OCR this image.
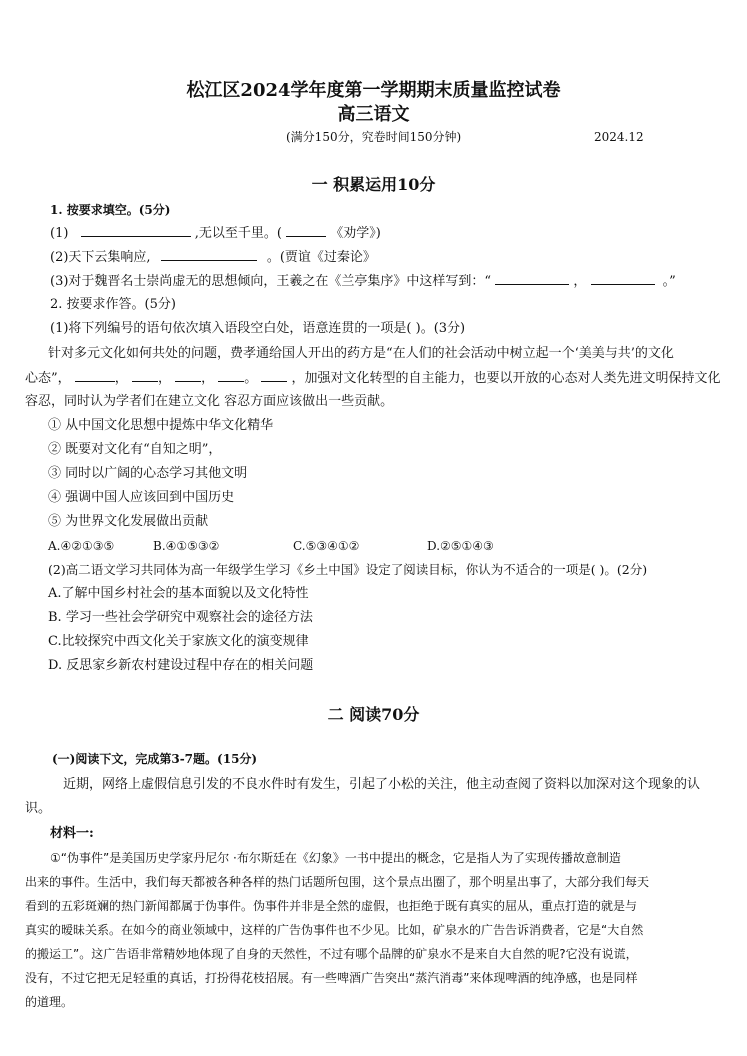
松江区2024学年度第一学期期末质量监控试卷
高三语文
(满分150分，究卷时间150分钟)	2024.12
一 积累运用10分
1. 按要求填空。(5分)
(1)	,无以至千里。(	《劝学》)
(2)天下云集响应,	。(贾谊《过秦论》
(3)对于魏晋名士崇尚虚无的思想倾向，王羲之在《兰亭集序》中这样写到：“	，	。”
2. 按要求作答。(5分)
(1)将下列编号的语句依次填入语段空白处，语意连贯的一项是( )。(3分)
针对多元文化如何共处的问题，费孝通给国人开出的药方是“在人们的社会活动中树立起一个‘美美与共’的文化
心态”，	， ， ， 。  ，加强对文化转型的自主能力，也要以开放的心态对人类先进文明保持文化
容忍，同时认为学者们在建立文化 容忍方面应该做出一些贡献。
① 从中国文化思想中提炼中华文化精华
② 既要对文化有“自知之明”，
③ 同时以广阔的心态学习其他文明
④ 强调中国人应该回到中国历史
⑤ 为世界文化发展做出贡献
A.④②①③⑤	B.④①⑤③②	C.⑤③④①②	D.②⑤①④③
(2)高二语文学习共同体为高一年级学生学习《乡土中国》设定了阅读目标，你认为不适合的一项是( )。(2分)
A.了解中国乡村社会的基本面貌以及文化特性
B. 学习一些社会学研究中观察社会的途径方法
C.比较探究中西文化关于家族文化的演变规律
D. 反思家乡新农村建设过程中存在的相关问题
二 阅读70分
(一)阅读下文，完成第3-7题。(15分)
近期，网络上虚假信息引发的不良水件时有发生，引起了小松的关注，他主动查阅了资料以加深对这个现象的认
识。
材料一:
①“伪事件”是美国历史学家丹尼尔 ·布尔斯廷在《幻象》一书中提出的概念，它是指人为了实现传播故意制造
出来的事件。生活中，我们每天都被各种各样的热门话题所包围，这个景点出圈了，那个明星出事了，大部分我们每天
看到的五彩斑斓的热门新闻都属于伪事件。伪事件并非是全然的虚假，也拒绝于既有真实的屈从，重点打造的就是与
真实的暧昧关系。在如今的商业领域中，这样的广告伪事件也不少见。比如，矿泉水的广告告诉消费者，它是“大自然
的搬运工”。这广告语非常精妙地体现了自身的天然性，不过有哪个品牌的矿泉水不是来自大自然的呢?它没有说谎，
没有，不过它把无足轻重的真话，打扮得花枝招展。有一些啤酒广告突出“蒸汽消毒”来体现啤酒的纯净感，也是同样
的道理。
